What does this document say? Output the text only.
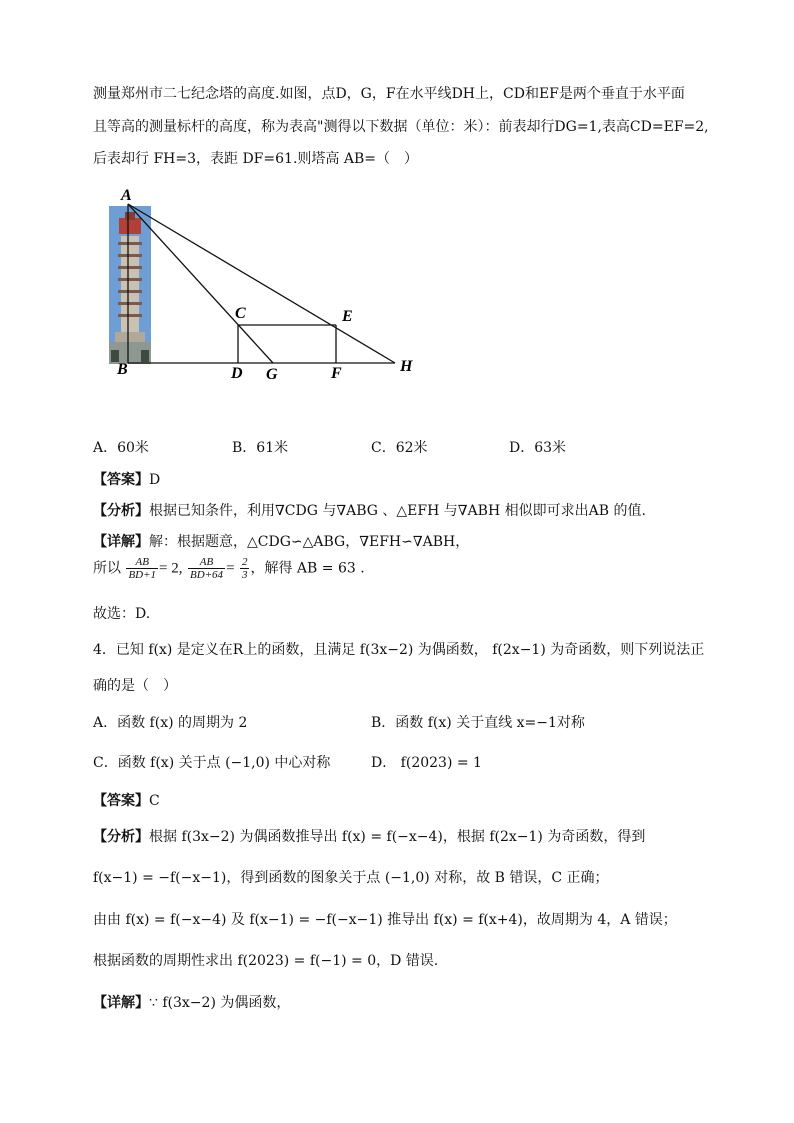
测量郑州市二七纪念塔的高度.如图，点D，G，F在水平线DH上，CD和EF是两个垂直于水平面
且等高的测量标杆的高度，称为表高"测得以下数据（单位：米）：前表却行DG=1,表高CD=EF=2,
后表却行 FH=3，表距 DF=61.则塔高 AB=（　）
A
B
C
D
E
F
G	H
A．60米	B．61米	C．62米	D．63米
【答案】D
【分析】根据已知条件，利用∇CDG 与∇ABG 、△EFH 与∇ABH 相似即可求出AB 的值.
【详解】解：根据题意，△CDG∽△ABG，∇EFH∽∇ABH，
所以 $\frac{AB}{BD+1} = 2$, $\frac{AB}{BD+64} = \frac{2}{3}$ ，解得 AB = 63 .
故选：D.
4．已知 f(x) 是定义在R上的函数，且满足 f(3x−2) 为偶函数， f(2x−1) 为奇函数，则下列说法正
确的是（　）
A．函数 f(x) 的周期为 2	B．函数 f(x) 关于直线 x=−1对称
C．函数 f(x) 关于点 (−1,0) 中心对称	D． f(2023) = 1
【答案】C
【分析】根据 f(3x−2) 为偶函数推导出 f(x) = f(−x−4)，根据 f(2x−1) 为奇函数，得到
f(x−1) = −f(−x−1)，得到函数的图象关于点 (−1,0) 对称，故 B 错误，C 正确；
由由 f(x) = f(−x−4) 及 f(x−1) = −f(−x−1) 推导出 f(x) = f(x+4)，故周期为 4，A 错误；
根据函数的周期性求出 f(2023) = f(−1) = 0，D 错误.
【详解】∵ f(3x−2) 为偶函数，
